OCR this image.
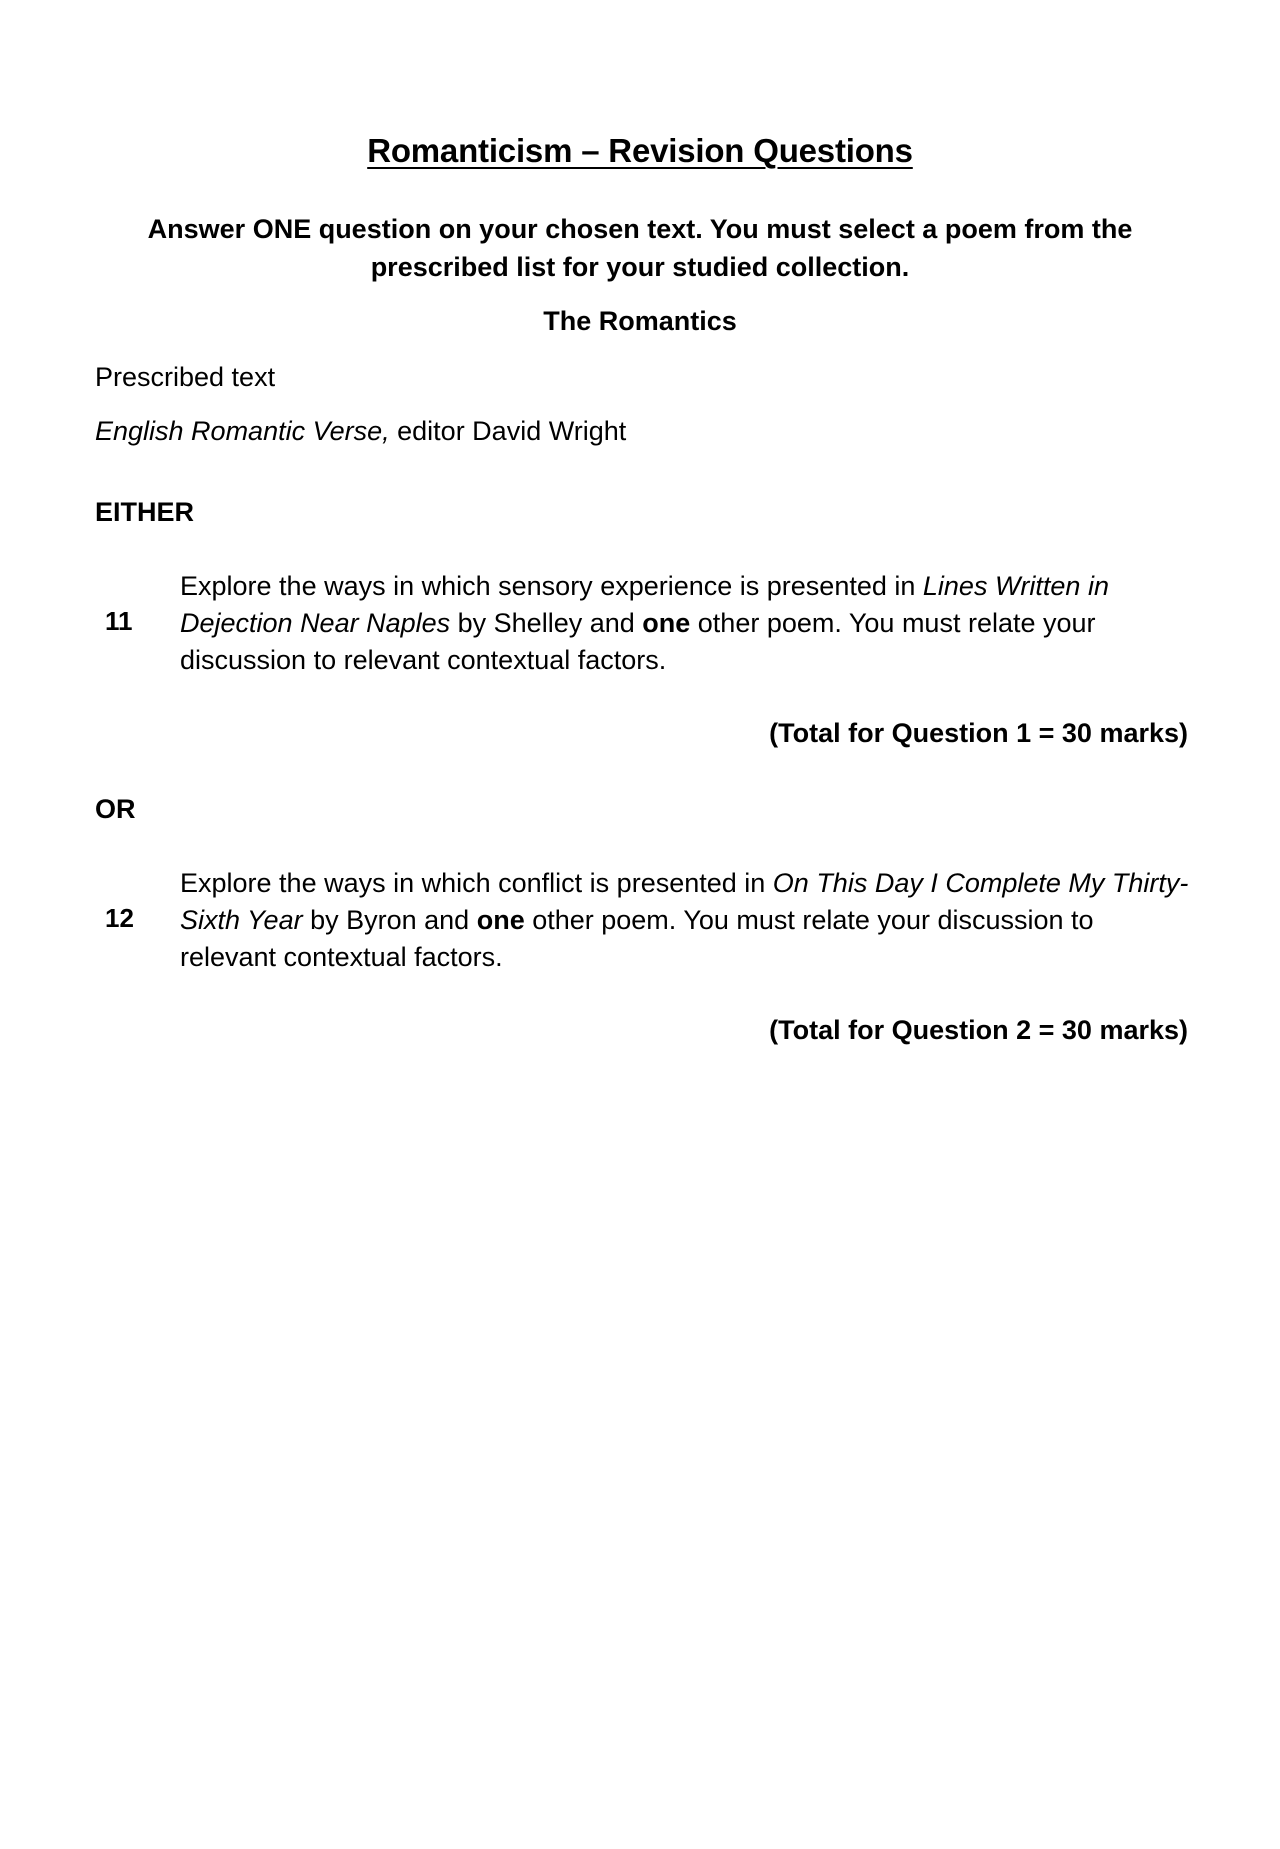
Romanticism – Revision Questions

Answer ONE question on your chosen text. You must select a poem from the prescribed list for your studied collection.

The Romantics

Prescribed text

English Romantic Verse, editor David Wright

EITHER

11
Explore the ways in which sensory experience is presented in Lines Written in Dejection Near Naples by Shelley and one other poem. You must relate your discussion to relevant contextual factors.

(Total for Question 1 = 30 marks)

OR

12
Explore the ways in which conflict is presented in On This Day I Complete My Thirty-Sixth Year by Byron and one other poem. You must relate your discussion to relevant contextual factors.

(Total for Question 2 = 30 marks)
